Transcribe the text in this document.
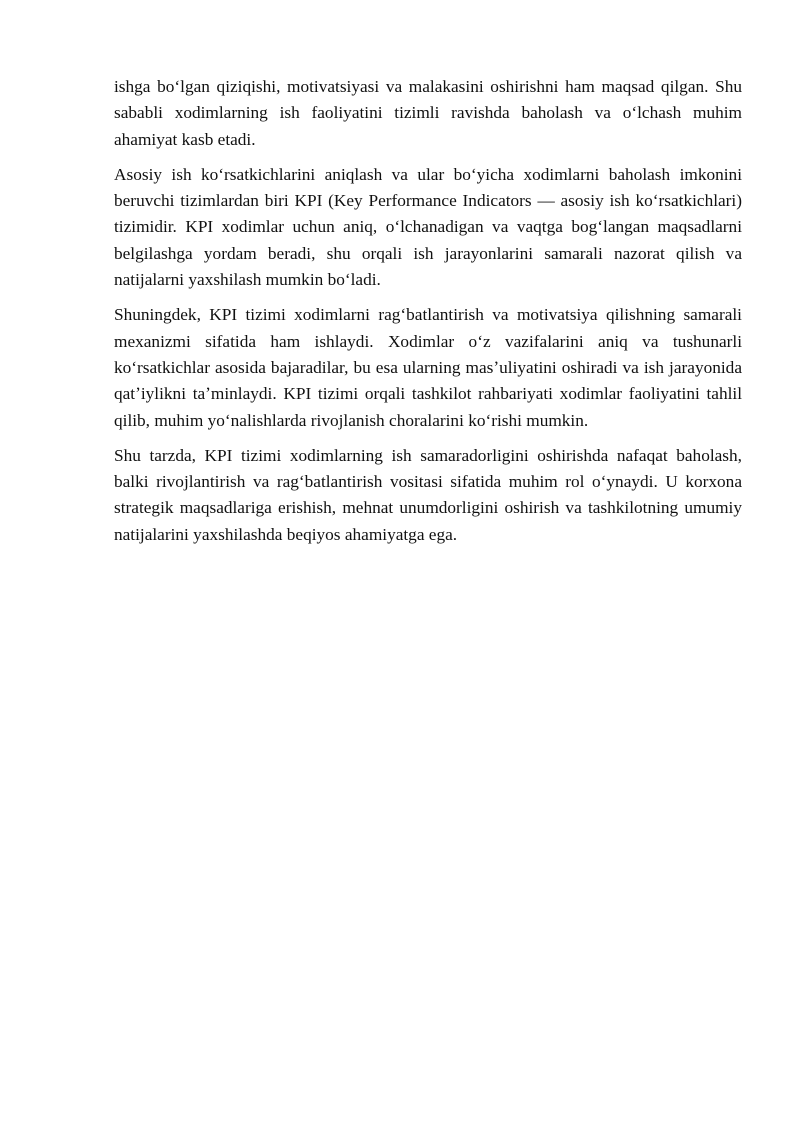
ishga boʻlgan qiziqishi, motivatsiyasi va malakasini oshirishni ham maqsad qilgan. Shu sababli xodimlarning ish faoliyatini tizimli ravishda baholash va oʻlchash muhim ahamiyat kasb etadi.

Asosiy ish koʻrsatkichlarini aniqlash va ular boʻyicha xodimlarni baholash imkonini beruvchi tizimlardan biri KPI (Key Performance Indicators — asosiy ish koʻrsatkichlari) tizimidir. KPI xodimlar uchun aniq, oʻlchanadigan va vaqtga bogʻlangan maqsadlarni belgilashga yordam beradi, shu orqali ish jarayonlarini samarali nazorat qilish va natijalarni yaxshilash mumkin boʻladi.

Shuningdek, KPI tizimi xodimlarni ragʻbatlantirish va motivatsiya qilishning samarali mexanizmi sifatida ham ishlaydi. Xodimlar oʻz vazifalarini aniq va tushunarli koʻrsatkichlar asosida bajaradilar, bu esa ularning masʼuliyatini oshiradi va ish jarayonida qatʼiylikni taʼminlaydi. KPI tizimi orqali tashkilot rahbariyati xodimlar faoliyatini tahlil qilib, muhim yoʻnalishlarda rivojlanish choralarini koʻrishi mumkin.

Shu tarzda, KPI tizimi xodimlarning ish samaradorligini oshirishda nafaqat baholash, balki rivojlantirish va ragʻbatlantirish vositasi sifatida muhim rol oʻynaydi. U korxona strategik maqsadlariga erishish, mehnat unumdorligini oshirish va tashkilotning umumiy natijalarini yaxshilashda beqiyos ahamiyatga ega.
